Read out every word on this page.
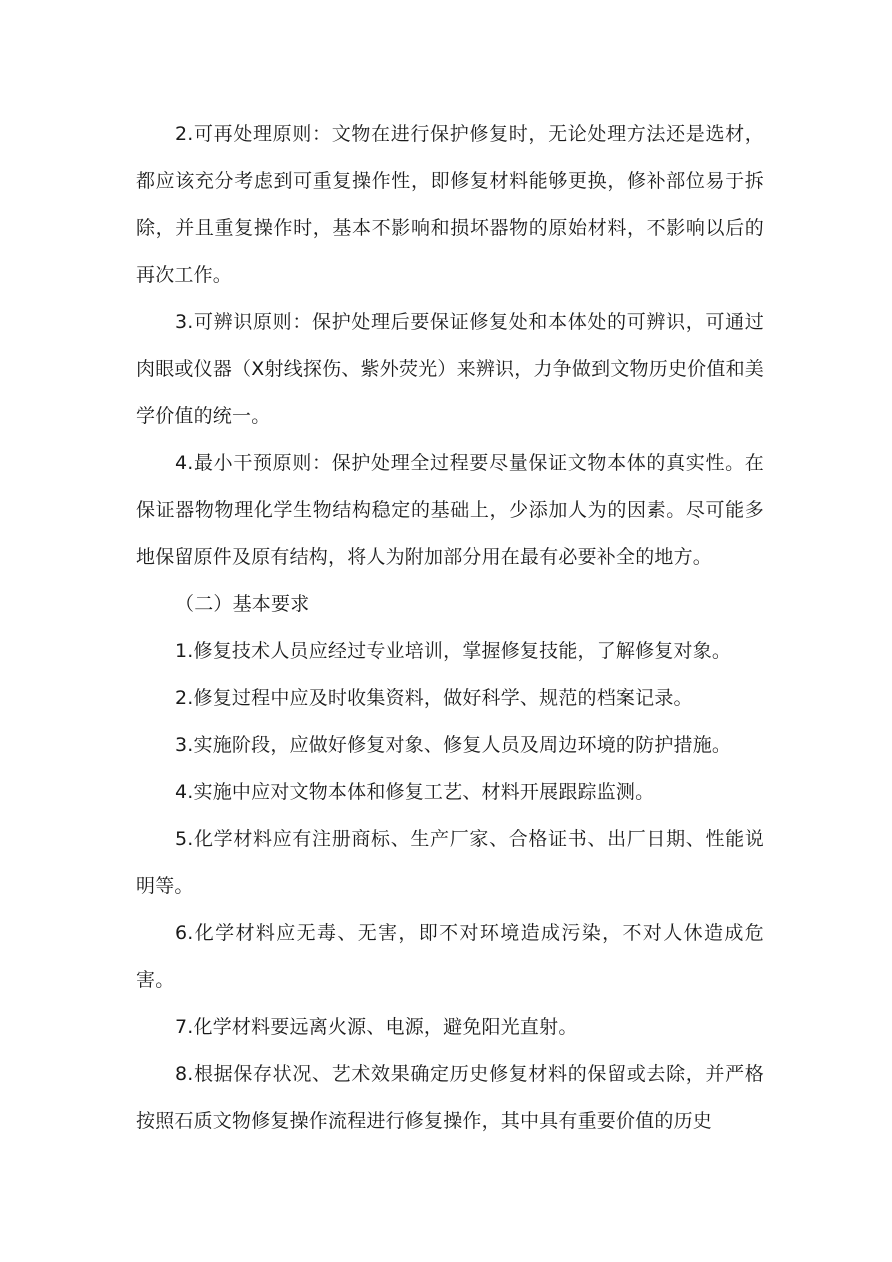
2.可再处理原则：文物在进行保护修复时，无论处理方法还是选材，都应该充分考虑到可重复操作性，即修复材料能够更换，修补部位易于拆除，并且重复操作时，基本不影响和损坏器物的原始材料，不影响以后的再次工作。

3.可辨识原则：保护处理后要保证修复处和本体处的可辨识，可通过肉眼或仪器（X射线探伤、紫外荧光）来辨识，力争做到文物历史价值和美学价值的统一。

4.最小干预原则：保护处理全过程要尽量保证文物本体的真实性。在保证器物物理化学生物结构稳定的基础上，少添加人为的因素。尽可能多地保留原件及原有结构，将人为附加部分用在最有必要补全的地方。

（二）基本要求

1.修复技术人员应经过专业培训，掌握修复技能，了解修复对象。

2.修复过程中应及时收集资料，做好科学、规范的档案记录。

3.实施阶段，应做好修复对象、修复人员及周边环境的防护措施。

4.实施中应对文物本体和修复工艺、材料开展跟踪监测。

5.化学材料应有注册商标、生产厂家、合格证书、出厂日期、性能说明等。

6.化学材料应无毒、无害，即不对环境造成污染，不对人休造成危害。

7.化学材料要远离火源、电源，避免阳光直射。

8.根据保存状况、艺术效果确定历史修复材料的保留或去除，并严格按照石质文物修复操作流程进行修复操作，其中具有重要价值的历史
